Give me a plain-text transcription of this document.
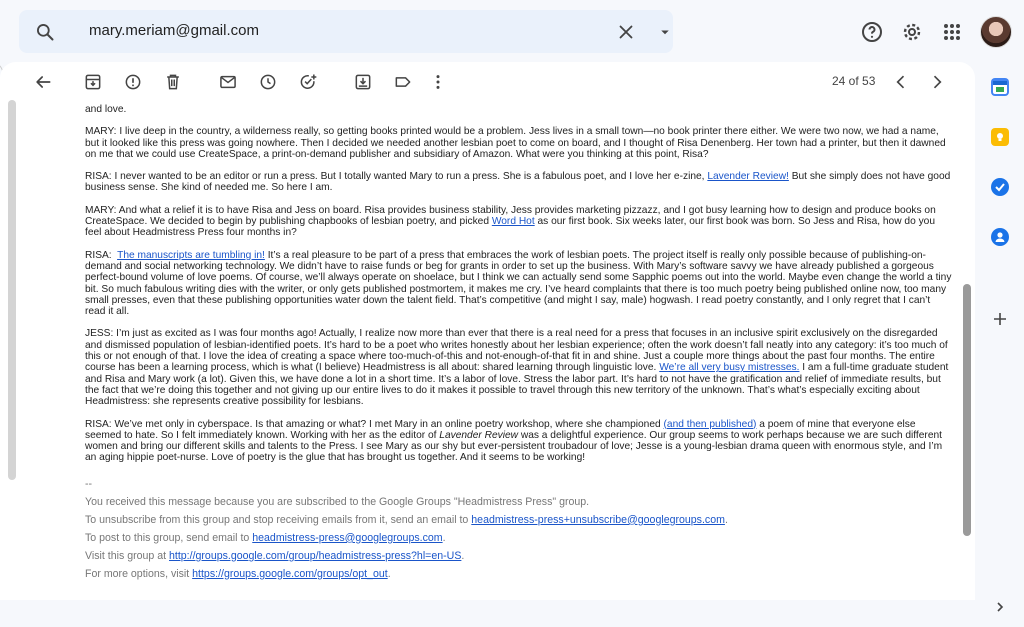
mary.meriam@gmail.com
24 of 53

and love.

MARY: I live deep in the country, a wilderness really, so getting books printed would be a problem. Jess lives in a small town—no book printer there either. We were two now, we had a name, but it looked like this press was going nowhere. Then I decided we needed another lesbian poet to come on board, and I thought of Risa Denenberg. Her town had a printer, but then it dawned on me that we could use CreateSpace, a print-on-demand publisher and subsidiary of Amazon. What were you thinking at this point, Risa?

RISA: I never wanted to be an editor or run a press. But I totally wanted Mary to run a press. She is a fabulous poet, and I love her e-zine, Lavender Review! But she simply does not have good business sense. She kind of needed me. So here I am.

MARY: And what a relief it is to have Risa and Jess on board. Risa provides business stability, Jess provides marketing pizzazz, and I got busy learning how to design and produce books on CreateSpace. We decided to begin by publishing chapbooks of lesbian poetry, and picked Word Hot as our first book. Six weeks later, our first book was born. So Jess and Risa, how do you feel about Headmistress Press four months in?

RISA:  The manuscripts are tumbling in! It’s a real pleasure to be part of a press that embraces the work of lesbian poets. The project itself is really only possible because of publishing-on-demand and social networking technology. We didn’t have to raise funds or beg for grants in order to set up the business. With Mary’s software savvy we have already published a gorgeous perfect-bound volume of love poems. Of course, we’ll always operate on shoelace, but I think we can actually send some Sapphic poems out into the world. Maybe even change the world a tiny bit. So much fabulous writing dies with the writer, or only gets published postmortem, it makes me cry. I’ve heard complaints that there is too much poetry being published online now, too many small presses, even that these publishing opportunities water down the talent field. That’s competitive (and might I say, male) hogwash. I read poetry constantly, and I only regret that I can’t read it all.

JESS: I’m just as excited as I was four months ago! Actually, I realize now more than ever that there is a real need for a press that focuses in an inclusive spirit exclusively on the disregarded and dismissed population of lesbian-identified poets. It’s hard to be a poet who writes honestly about her lesbian experience; often the work doesn’t fall neatly into any category: it’s too much of this or not enough of that. I love the idea of creating a space where too-much-of-this and not-enough-of-that fit in and shine. Just a couple more things about the past four months. The entire course has been a learning process, which is what (I believe) Headmistress is all about: shared learning through linguistic love. We’re all very busy mistresses. I am a full-time graduate student and Risa and Mary work (a lot). Given this, we have done a lot in a short time. It’s a labor of love. Stress the labor part. It’s hard to not have the gratification and relief of immediate results, but the fact that we’re doing this together and not giving up our entire lives to do it makes it possible to travel through this new territory of the unknown. That’s what’s especially exciting about Headmistress: she represents creative possibility for lesbians.

RISA: We’ve met only in cyberspace. Is that amazing or what? I met Mary in an online poetry workshop, where she championed (and then published) a poem of mine that everyone else seemed to hate. So I felt immediately known. Working with her as the editor of Lavender Review was a delightful experience. Our group seems to work perhaps because we are such different women and bring our different skills and talents to the Press. I see Mary as our shy but ever-persistent troubadour of love; Jesse is a young-lesbian drama queen with enormous style, and I’m an aging hippie poet-nurse. Love of poetry is the glue that has brought us together. And it seems to be working!

--
You received this message because you are subscribed to the Google Groups "Headmistress Press" group.
To unsubscribe from this group and stop receiving emails from it, send an email to headmistress-press+unsubscribe@googlegroups.com.
To post to this group, send email to headmistress-press@googlegroups.com.
Visit this group at http://groups.google.com/group/headmistress-press?hl=en-US.
For more options, visit https://groups.google.com/groups/opt_out.
